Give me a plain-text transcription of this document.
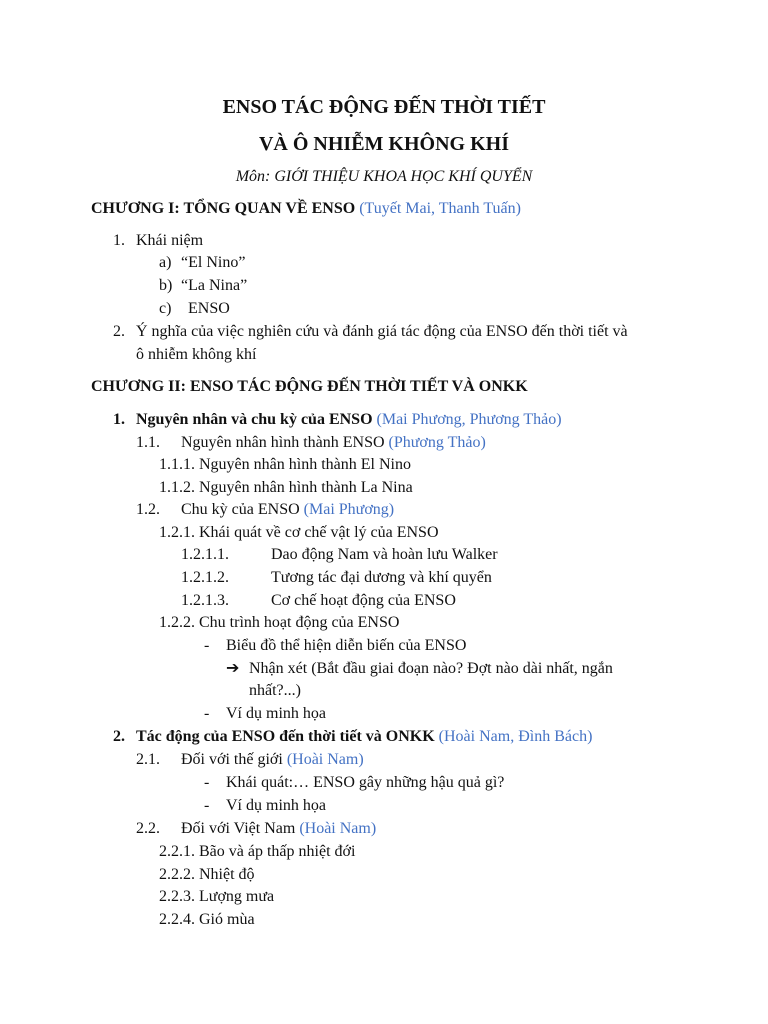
ENSO TÁC ĐỘNG ĐẾN THỜI TIẾT
VÀ Ô NHIỄM KHÔNG KHÍ
Môn: GIỚI THIỆU KHOA HỌC KHÍ QUYỂN
CHƯƠNG I: TỔNG QUAN VỀ ENSO (Tuyết Mai, Thanh Tuấn)
1. Khái niệm
a) “El Nino”
b) “La Nina”
c) ENSO
2. Ý nghĩa của việc nghiên cứu và đánh giá tác động của ENSO đến thời tiết và
ô nhiễm không khí
CHƯƠNG II: ENSO TÁC ĐỘNG ĐẾN THỜI TIẾT VÀ ONKK
1. Nguyên nhân và chu kỳ của ENSO (Mai Phương, Phương Thảo)
1.1. Nguyên nhân hình thành ENSO (Phương Thảo)
1.1.1. Nguyên nhân hình thành El Nino
1.1.2. Nguyên nhân hình thành La Nina
1.2. Chu kỳ của ENSO (Mai Phương)
1.2.1. Khái quát về cơ chế vật lý của ENSO
1.2.1.1.	Dao động Nam và hoàn lưu Walker
1.2.1.2.	Tương tác đại dương và khí quyển
1.2.1.3.	Cơ chế hoạt động của ENSO
1.2.2. Chu trình hoạt động của ENSO
- Biểu đồ thể hiện diễn biến của ENSO
➔ Nhận xét (Bắt đầu giai đoạn nào? Đợt nào dài nhất, ngắn
nhất?...)
- Ví dụ minh họa
2. Tác động của ENSO đến thời tiết và ONKK (Hoài Nam, Đình Bách)
2.1. Đối với thế giới (Hoài Nam)
- Khái quát:… ENSO gây những hậu quả gì?
- Ví dụ minh họa
2.2. Đối với Việt Nam (Hoài Nam)
2.2.1. Bão và áp thấp nhiệt đới
2.2.2. Nhiệt độ
2.2.3. Lượng mưa
2.2.4. Gió mùa
